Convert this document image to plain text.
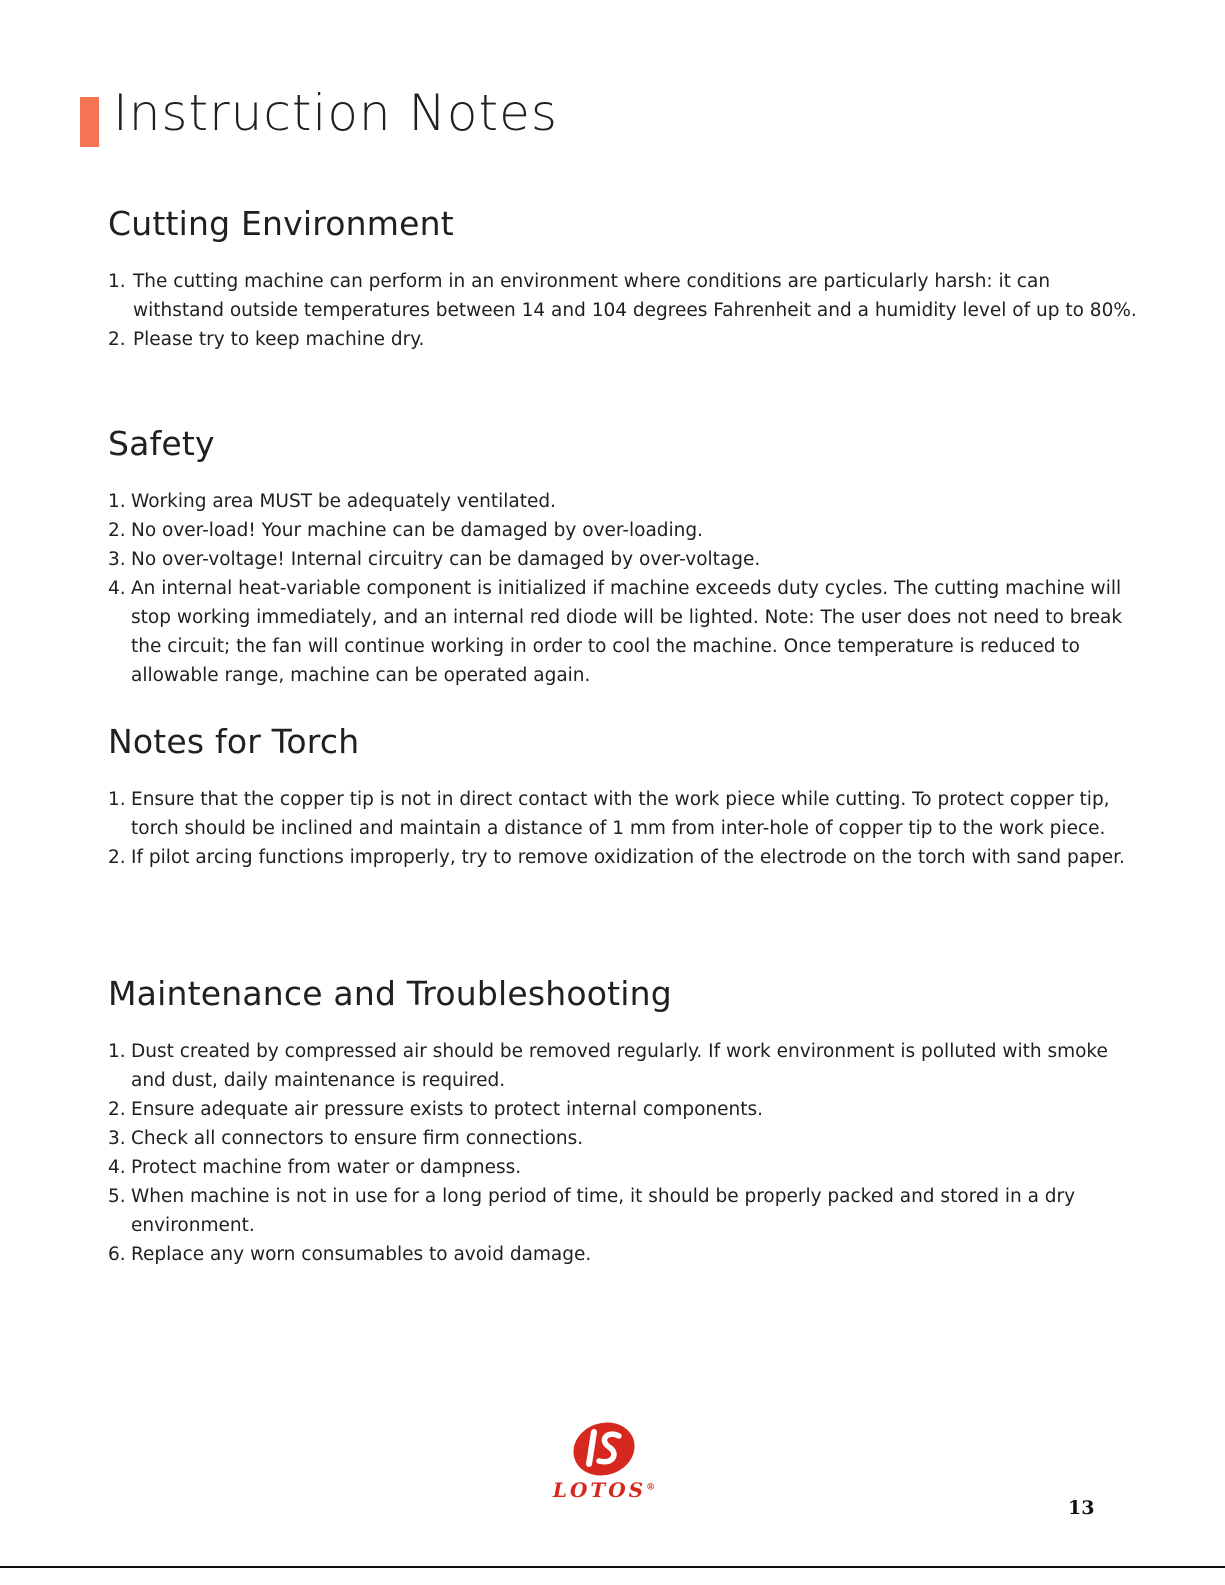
Instruction Notes
Cutting Environment
1. The cutting machine can perform in an environment where conditions are particularly harsh: it can withstand outside temperatures between 14 and 104 degrees Fahrenheit and a humidity level of up to 80%.
2. Please try to keep machine dry.
Safety
1. Working area MUST be adequately ventilated.
2. No over-load! Your machine can be damaged by over-loading.
3. No over-voltage! Internal circuitry can be damaged by over-voltage.
4. An internal heat-variable component is initialized if machine exceeds duty cycles. The cutting machine will stop working immediately, and an internal red diode will be lighted. Note: The user does not need to break the circuit; the fan will continue working in order to cool the machine. Once temperature is reduced to allowable range, machine can be operated again.
Notes for Torch
1. Ensure that the copper tip is not in direct contact with the work piece while cutting. To protect copper tip, torch should be inclined and maintain a distance of 1 mm from inter-hole of copper tip to the work piece.
2. If pilot arcing functions improperly, try to remove oxidization of the electrode on the torch with sand paper.
Maintenance and Troubleshooting
1. Dust created by compressed air should be removed regularly. If work environment is polluted with smoke and dust, daily maintenance is required.
2. Ensure adequate air pressure exists to protect internal components.
3. Check all connectors to ensure firm connections.
4. Protect machine from water or dampness.
5. When machine is not in use for a long period of time, it should be properly packed and stored in a dry environment.
6. Replace any worn consumables to avoid damage.
LOTOS®
13
